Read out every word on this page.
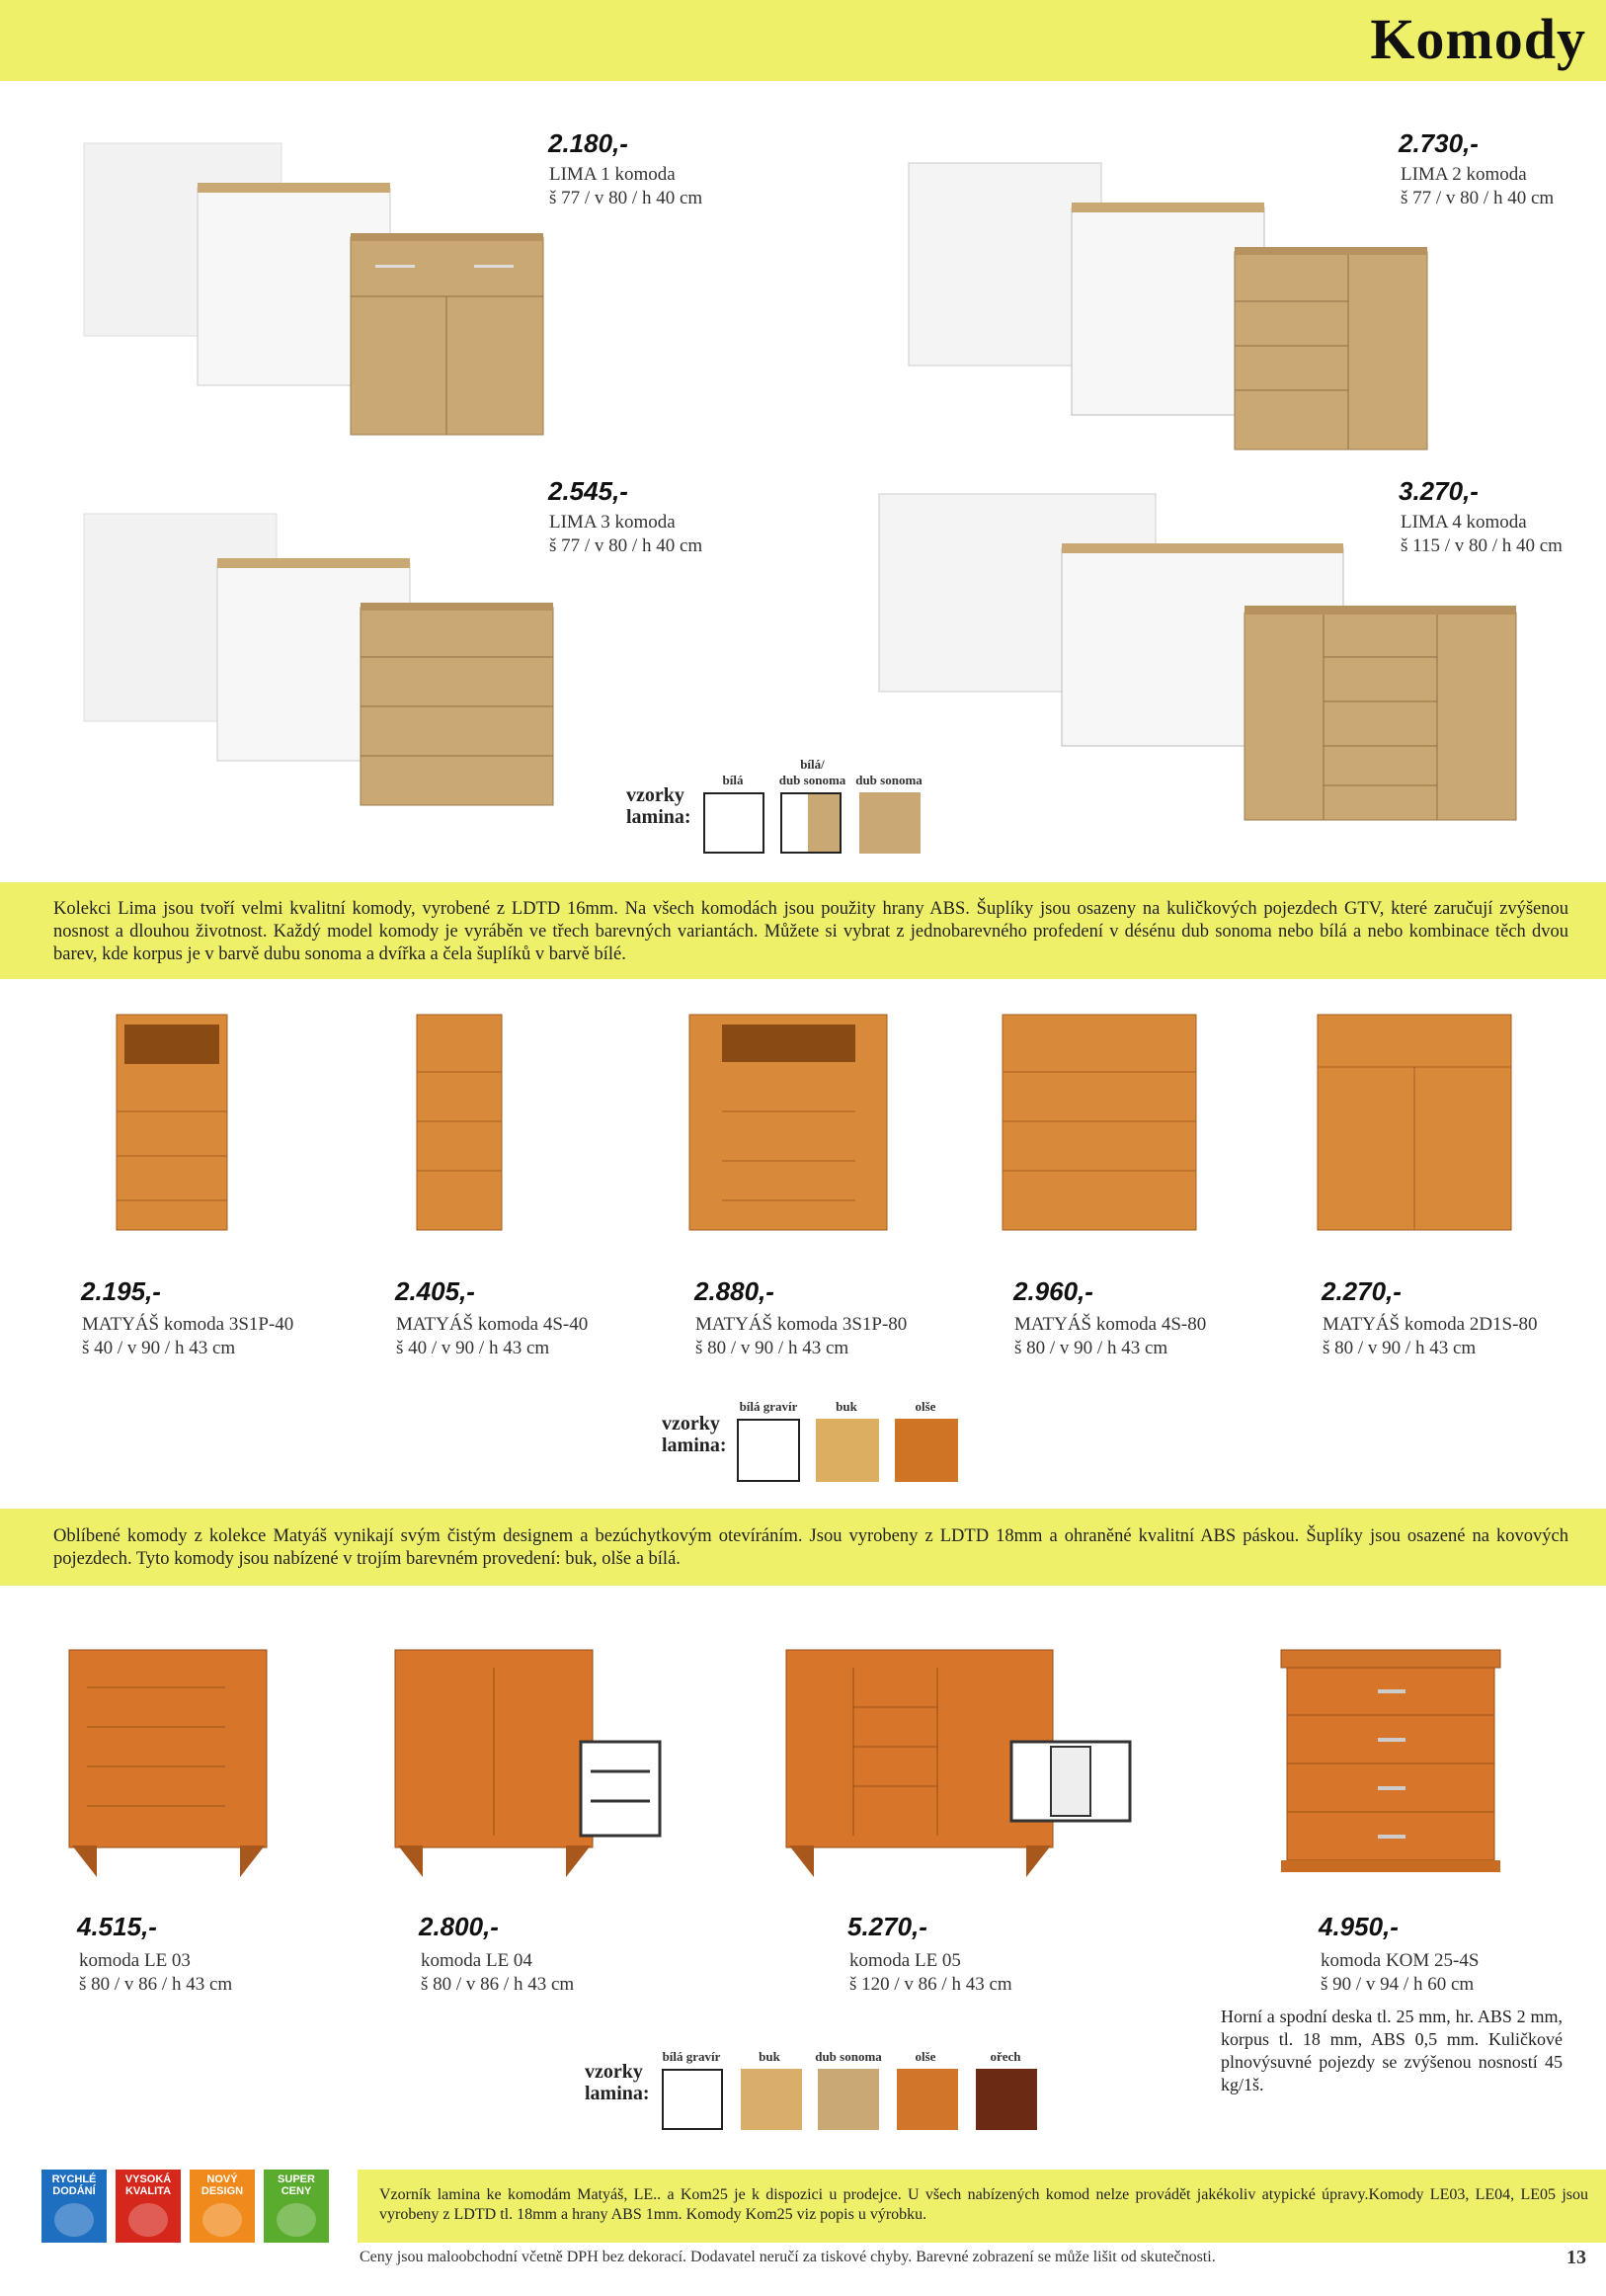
Komody
2.180,-
LIMA 1 komoda
š 77 / v 80 / h 40 cm
2.730,-
LIMA 2 komoda
š 77 / v 80 / h 40 cm
2.545,-
LIMA 3 komoda
š 77 / v 80 / h 40 cm
3.270,-
LIMA 4 komoda
š 115 / v 80 / h 40 cm
vzorky
lamina:
bílá
bílá/
dub sonoma dub sonoma
Kolekci Lima jsou tvoří velmi kvalitní komody, vyrobené z LDTD 16mm. Na všech komodách jsou použity hrany ABS. Šuplíky jsou osazeny na kuličkových pojezdech GTV, které zaručují zvýšenou nosnost a dlouhou životnost. Každý model komody je vyráběn ve třech barevných variantách. Můžete si vybrat z jednobarevného profedení v désénu dub sonoma nebo bílá a nebo kombinace těch dvou barev, kde korpus je v barvě dubu sonoma a dvířka a čela šuplíků v barvě bílé.
2.195,-
MATYÁŠ komoda 3S1P-40
š 40 / v 90 / h 43 cm
2.405,-
MATYÁŠ komoda 4S-40
š 40 / v 90 / h 43 cm
2.880,-
MATYÁŠ komoda 3S1P-80
š 80 / v 90 / h 43 cm
2.960,-
MATYÁŠ komoda 4S-80
š 80 / v 90 / h 43 cm
2.270,-
MATYÁŠ komoda 2D1S-80
š 80 / v 90 / h 43 cm
vzorky
lamina:
bílá gravír	buk	olše
Oblíbené komody z kolekce Matyáš vynikají svým čistým designem a bezúchytkovým otevíráním. Jsou vyrobeny z LDTD 18mm a ohraněné kvalitní ABS páskou. Šuplíky jsou osazené na kovových pojezdech. Tyto komody jsou nabízené v trojím barevném provedení: buk, olše a bílá.
4.515,-
komoda LE 03
š 80 / v 86 / h 43 cm
2.800,-
komoda LE 04
š 80 / v 86 / h 43 cm
5.270,-
komoda LE 05
š 120 / v 86 / h 43 cm
4.950,-
komoda KOM 25-4S
š 90 / v 94 / h 60 cm
Horní a spodní deska tl. 25 mm, hr. ABS 2 mm, korpus tl. 18 mm, ABS 0,5 mm. Kuličkové plnovýsuvné pojezdy se zvýšenou nosností 45 kg/1š.
vzorky
lamina:
bílá gravír	buk	dub sonoma	olše	ořech
RYCHLÉ
DODÁNÍ
VYSOKÁ
KVALITA
NOVÝ
DESIGN
SUPER
CENY	Vzorník lamina ke komodám Matyáš, LE.. a Kom25 je k dispozici u prodejce. U všech nabízených komod nelze provádět jakékoliv atypické úpravy.Komody LE03, LE04, LE05 jsou vyrobeny z LDTD tl. 18mm a hrany ABS 1mm. Komody Kom25 viz popis u výrobku.
Ceny jsou maloobchodní včetně DPH bez dekorací. Dodavatel neručí za tiskové chyby. Barevné zobrazení se může lišit od skutečnosti.	13
